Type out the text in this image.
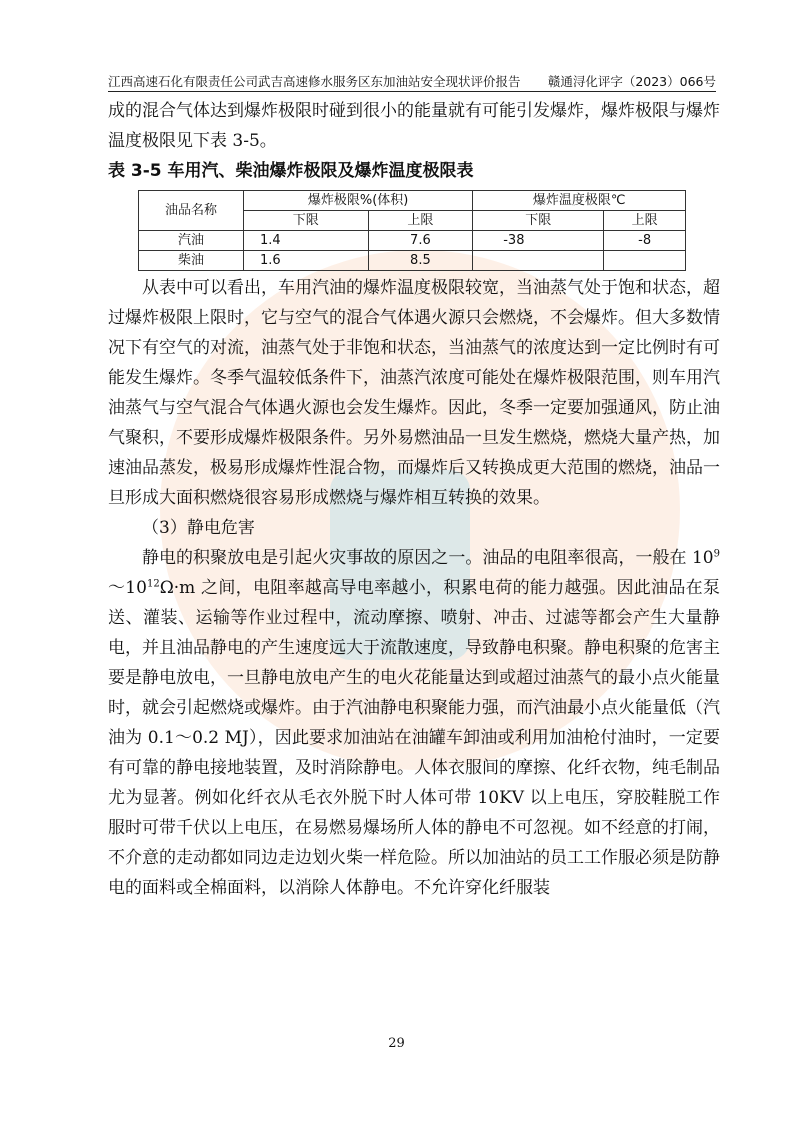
江西高速石化有限责任公司武吉高速修水服务区东加油站安全现状评价报告 赣通浔化评字（2023）066号

成的混合气体达到爆炸极限时碰到很小的能量就有可能引发爆炸，爆炸极限与爆炸温度极限见下表 3-5。

表 3-5 车用汽、柴油爆炸极限及爆炸温度极限表

油品名称	爆炸极限%(体积)		爆炸温度极限℃	
	下限	上限	下限	上限
汽油	1.4	7.6	-38	-8
柴油	1.6	8.5		

从表中可以看出，车用汽油的爆炸温度极限较宽，当油蒸气处于饱和状态，超过爆炸极限上限时，它与空气的混合气体遇火源只会燃烧，不会爆炸。但大多数情况下有空气的对流，油蒸气处于非饱和状态，当油蒸气的浓度达到一定比例时有可能发生爆炸。冬季气温较低条件下，油蒸汽浓度可能处在爆炸极限范围，则车用汽油蒸气与空气混合气体遇火源也会发生爆炸。因此，冬季一定要加强通风，防止油气聚积，不要形成爆炸极限条件。另外易燃油品一旦发生燃烧，燃烧大量产热，加速油品蒸发，极易形成爆炸性混合物，而爆炸后又转换成更大范围的燃烧，油品一旦形成大面积燃烧很容易形成燃烧与爆炸相互转换的效果。

（3）静电危害

静电的积聚放电是引起火灾事故的原因之一。油品的电阻率很高，一般在 $10^9\sim 10^{12}\Omega\cdot m$ 之间，电阻率越高导电率越小，积累电荷的能力越强。因此油品在泵送、灌装、运输等作业过程中，流动摩擦、喷射、冲击、过滤等都会产生大量静电，并且油品静电的产生速度远大于流散速度，导致静电积聚。静电积聚的危害主要是静电放电，一旦静电放电产生的电火花能量达到或超过油蒸气的最小点火能量时，就会引起燃烧或爆炸。由于汽油静电积聚能力强，而汽油最小点火能量低（汽油为 0.1～0.2 MJ），因此要求加油站在油罐车卸油或利用加油枪付油时，一定要有可靠的静电接地装置，及时消除静电。人体衣服间的摩擦、化纤衣物，纯毛制品尤为显著。例如化纤衣从毛衣外脱下时人体可带 10KV 以上电压，穿胶鞋脱工作服时可带千伏以上电压，在易燃易爆场所人体的静电不可忽视。如不经意的打闹，不介意的走动都如同边走边划火柴一样危险。所以加油站的员工工作服必须是防静电的面料或全棉面料，以消除人体静电。不允许穿化纤服装

29
